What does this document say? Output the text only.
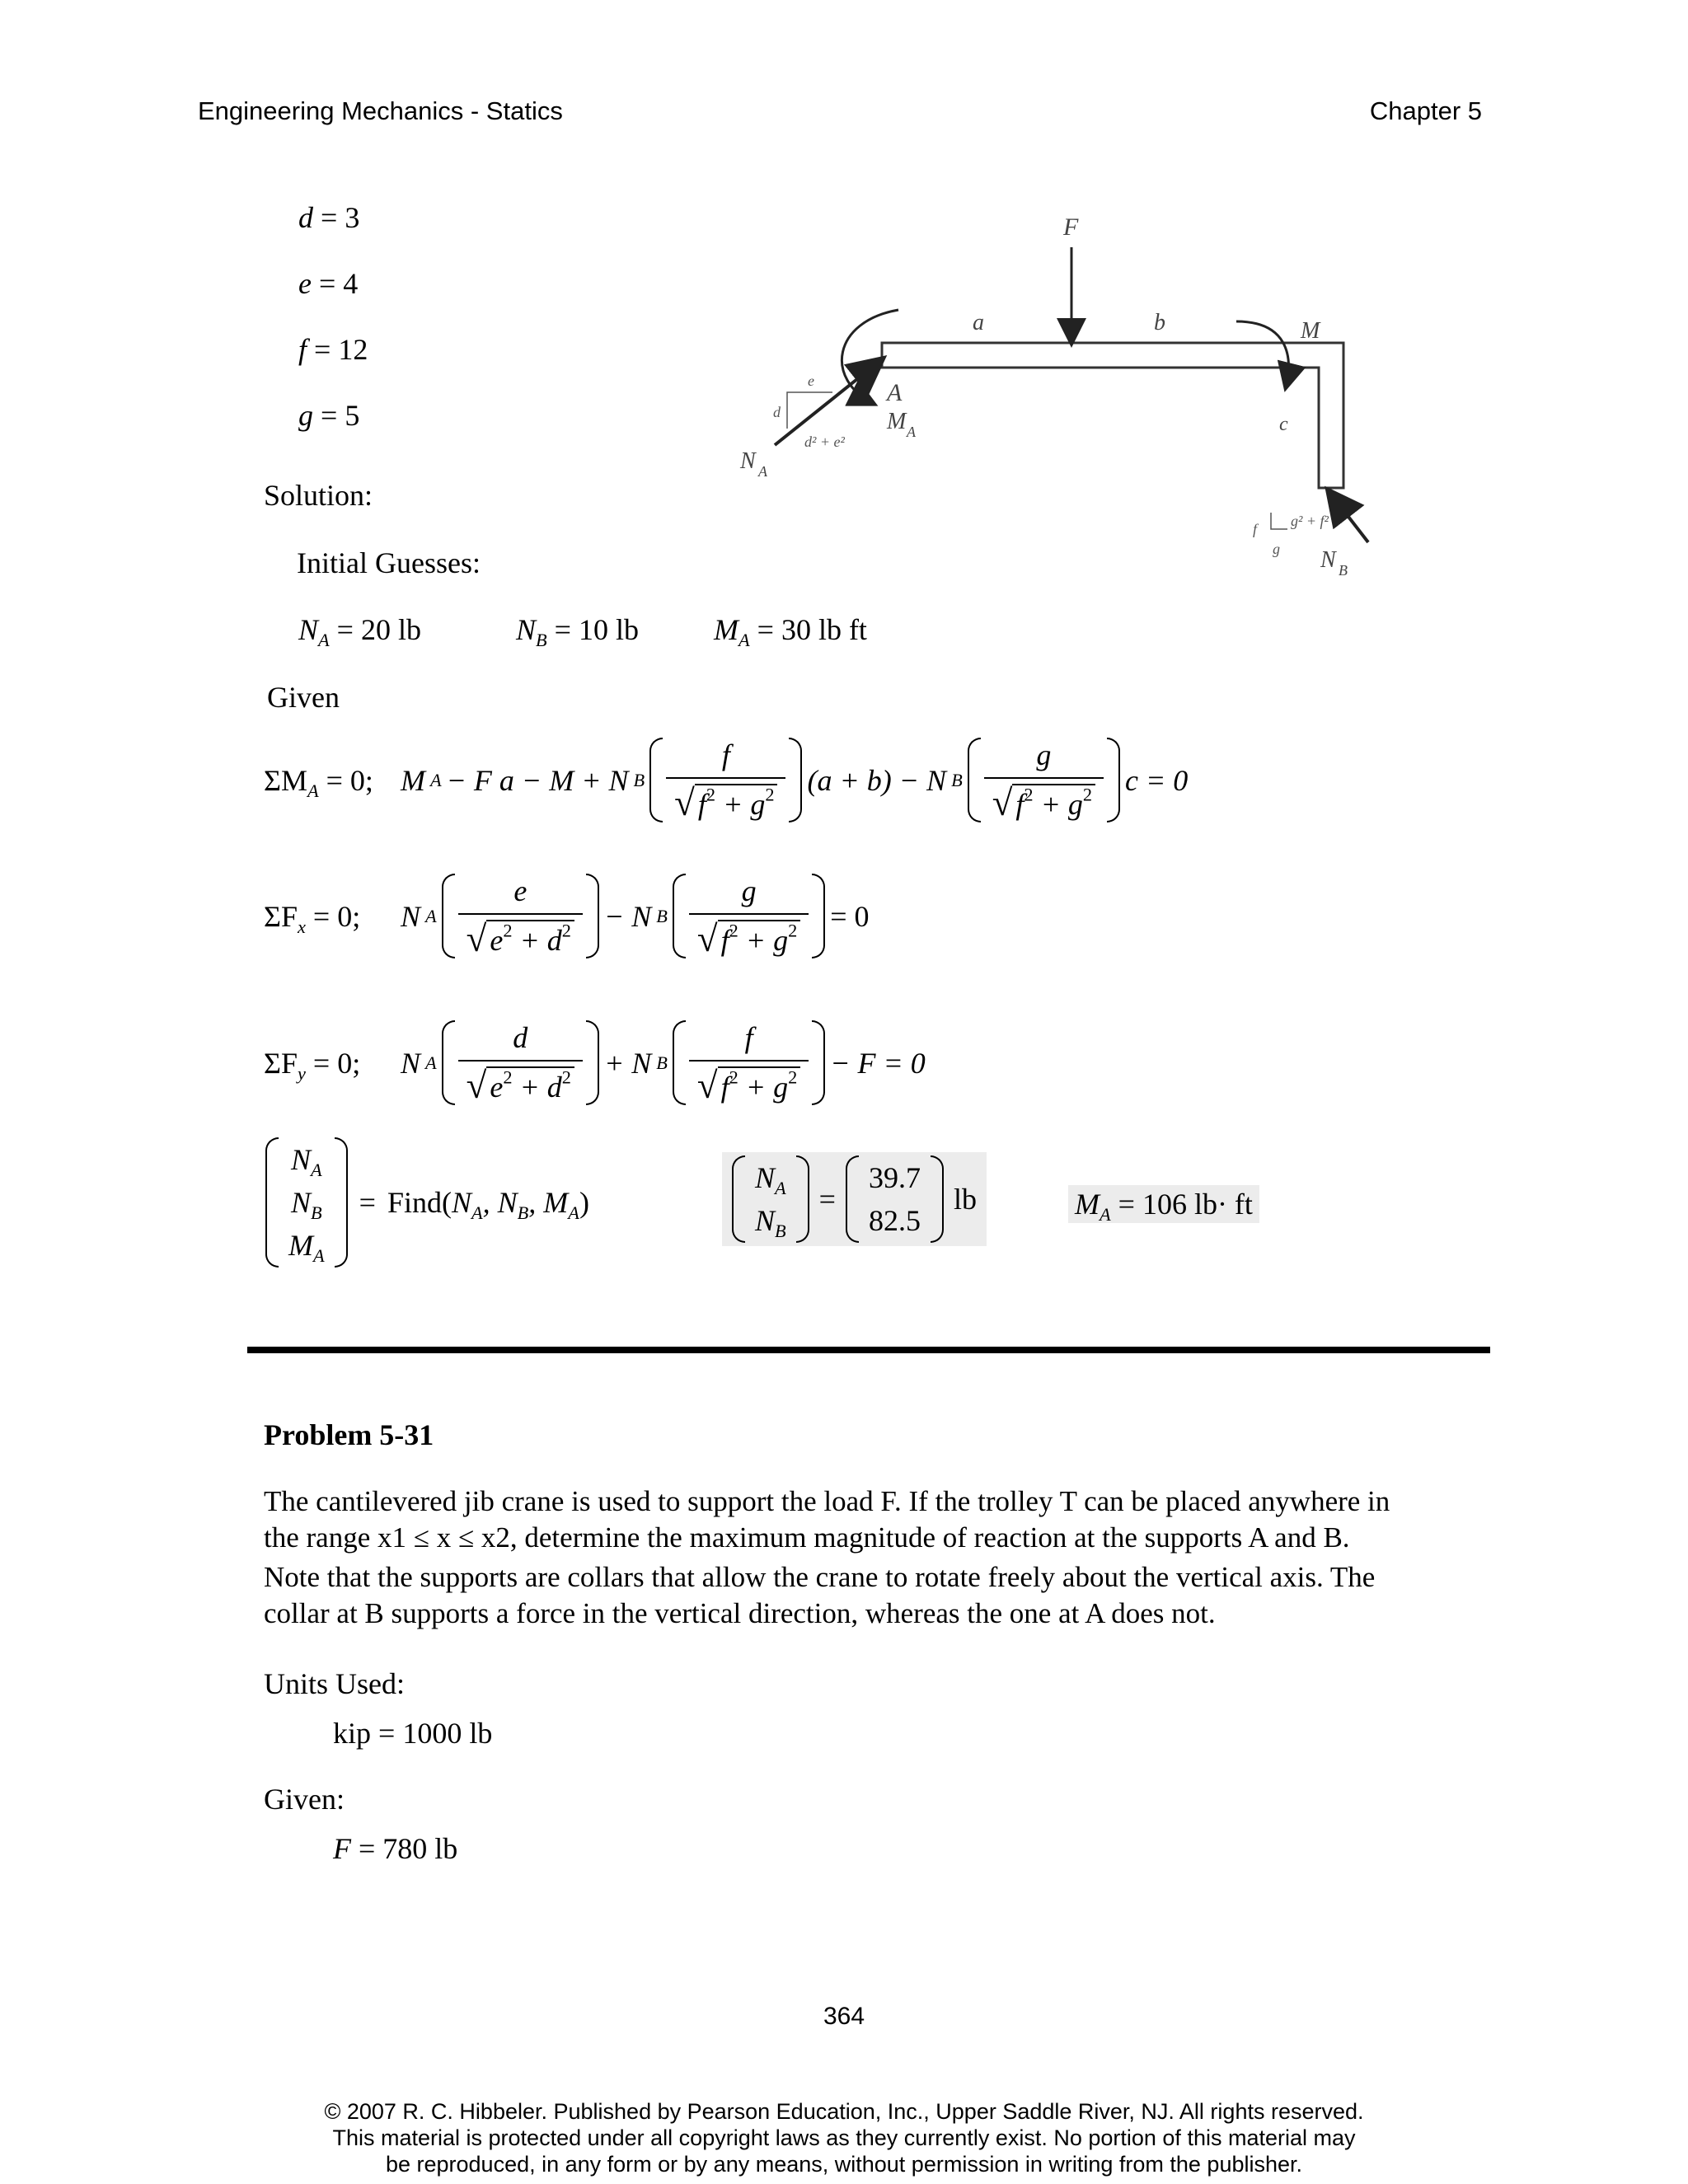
Engineering Mechanics - Statics	Chapter 5
d = 3
e = 4
f = 12
g = 5
F
a	b
c
M
A
M A
N A
e
d
d² + e²
f
g
g² + f²
N B
Solution:
Initial Guesses:
$N_A = 20$ lb	$N_B = 10$ lb	$M_A = 30$ lb ft
Given
$\Sigma M_A = 0$; M A − F a − M + N B $\frac{f}{√ f^2 + g^2} (a + b) - N$ B $\frac{g}{√ f^2 + g^2}$ c = 0
$\Sigma F_x = 0$;	N A $\frac{e}{√ e^2 + d^2} - N$ B $\frac{g}{√ f^2 + g^2} = 0$
$\Sigma F_y = 0$;	N A $\frac{d}{√ e^2 + d^2} + N$ B $\frac{f}{√ f^2 + g^2} - F = 0$
$N_A$
$N_B$
$M_A$
= $Find(N_A$, $N_B$, $M_A$)
$N_A$
$N_B$
=
39.7
82.5
lb	$M_A = 106$ lb· ft
Problem 5-31
The cantilevered jib crane is used to support the load F. If the trolley T can be placed anywhere in the range x1 ≤ x ≤ x2, determine the maximum magnitude of reaction at the supports A and B.
Note that the supports are collars that allow the crane to rotate freely about the vertical axis. The collar at B supports a force in the vertical direction, whereas the one at A does not.
Units Used:
kip = 1000 lb
Given:
F = 780 lb
364
© 2007 R. C. Hibbeler. Published by Pearson Education, Inc., Upper Saddle River, NJ. All rights reserved.
This material is protected under all copyright laws as they currently exist. No portion of this material may
be reproduced, in any form or by any means, without permission in writing from the publisher.
